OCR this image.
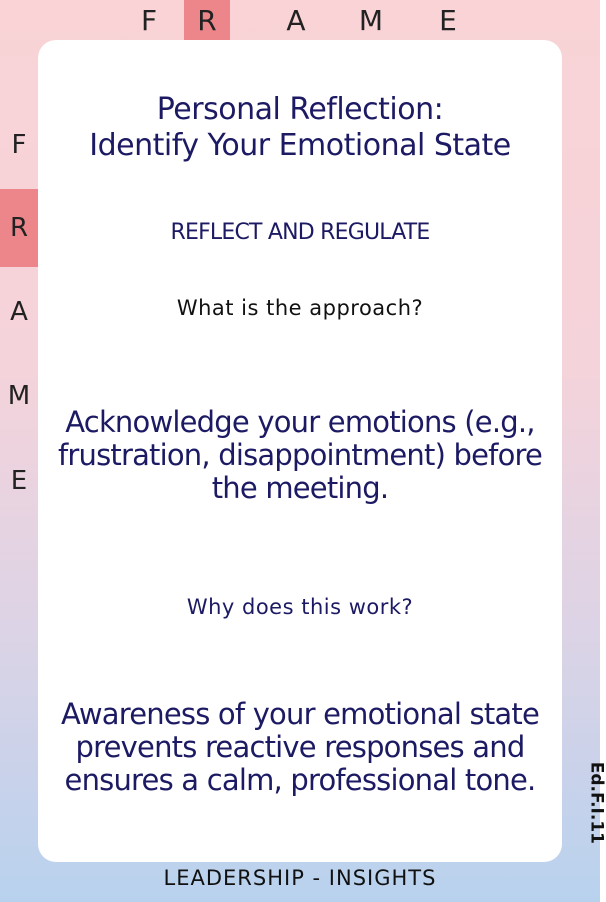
F	R	A	M	E
F
R
A
M
E
Personal Reflection:
Identify Your Emotional State
REFLECT AND REGULATE
What is the approach?
Acknowledge your emotions (e.g., frustration, disappointment) before the meeting.
Why does this work?
Awareness of your emotional state prevents reactive responses and ensures a calm, professional tone.	Ed.F.I.11
LEADERSHIP - INSIGHTS
